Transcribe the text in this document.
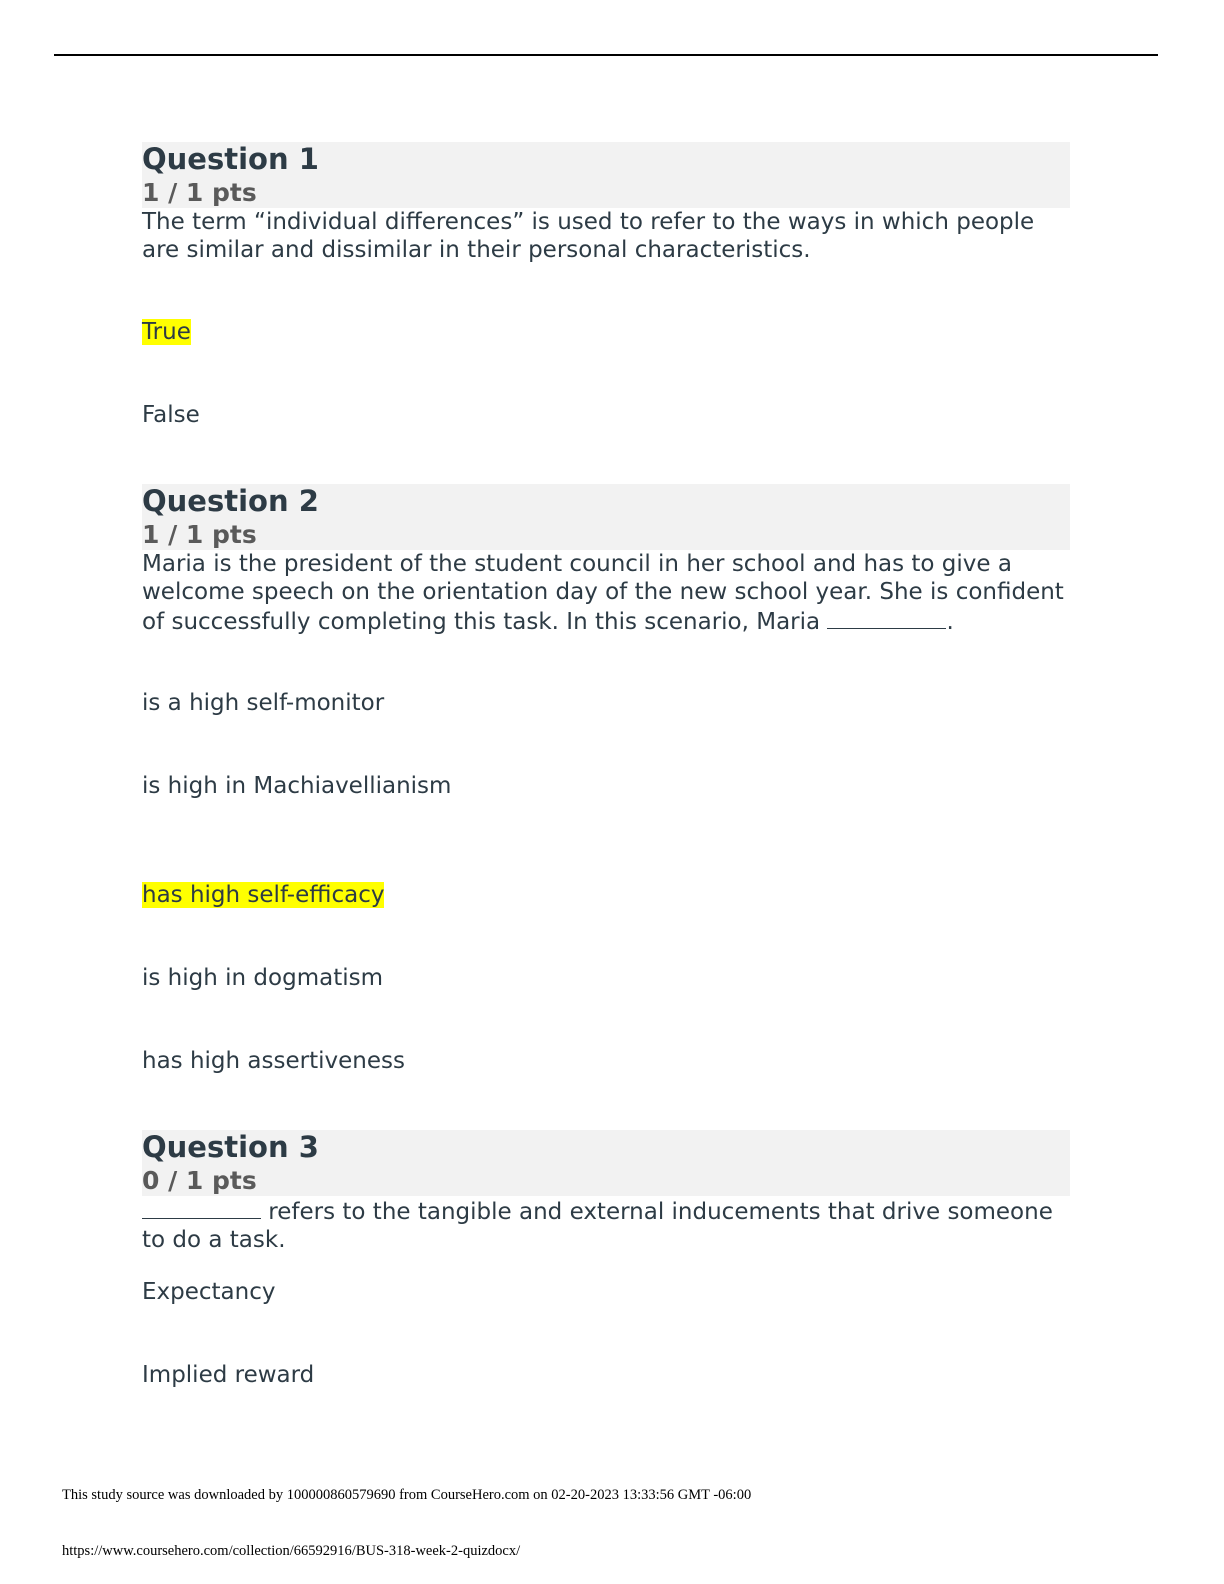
Question 1
1 / 1 pts
The term “individual differences” is used to refer to the ways in which people are similar and dissimilar in their personal characteristics.
True
False
Question 2
1 / 1 pts
Maria is the president of the student council in her school and has to give a welcome speech on the orientation day of the new school year. She is confident of successfully completing this task. In this scenario, Maria	.
is a high self-monitor
is high in Machiavellianism
has high self-efficacy
is high in dogmatism
has high assertiveness
Question 3
0 / 1 pts
refers to the tangible and external inducements that drive someone to do a task.
Expectancy
Implied reward
This study source was downloaded by 100000860579690 from CourseHero.com on 02-20-2023 13:33:56 GMT -06:00
https://www.coursehero.com/collection/66592916/BUS-318-week-2-quizdocx/
